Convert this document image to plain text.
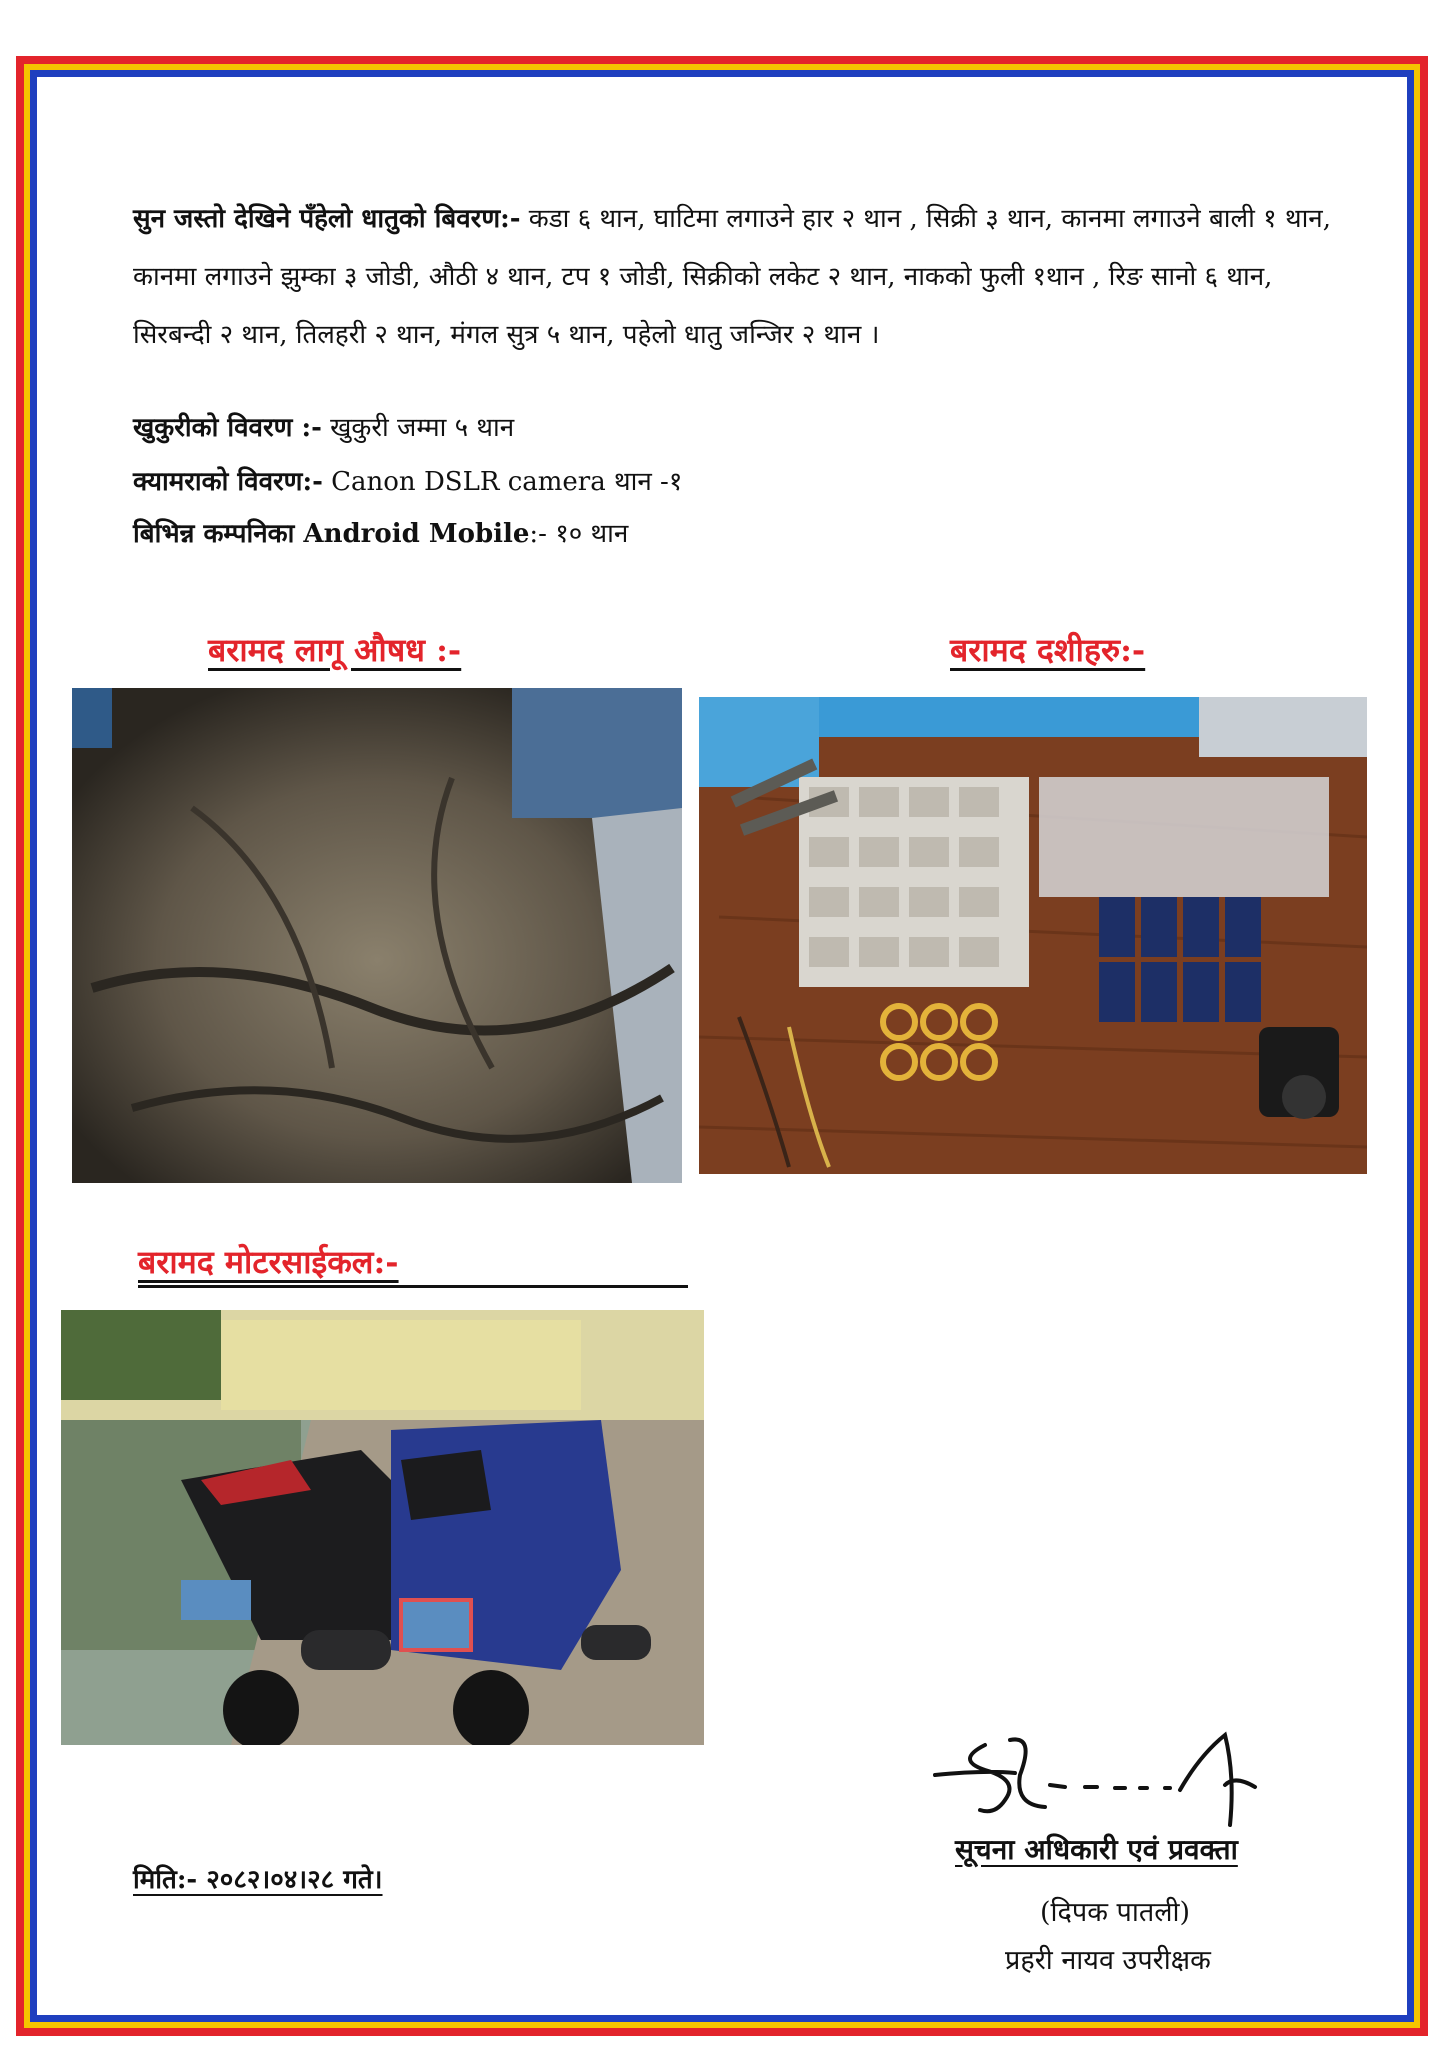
सुन जस्तो देखिने पँहेलो धातुको बिवरण:- कडा ६ थान, घाटिमा लगाउने हार २ थान , सिक्री ३ थान, कानमा लगाउने बाली १ थान, कानमा लगाउने झुम्का ३ जोडी, औठी ४ थान, टप १ जोडी, सिक्रीको लकेट २ थान, नाकको फुली १थान , रिङ सानो ६ थान, सिरबन्दी २ थान, तिलहरी २ थान, मंगल सुत्र ५ थान, पहेलो धातु जन्जिर २ थान ।
खुकुरीको विवरण :- खुकुरी जम्मा ५ थान
क्यामराको विवरण:- Canon DSLR camera थान -१
बिभिन्न कम्पनिका Android Mobile:- १० थान
बरामद लागू औषध :-	बरामद दशीहरु:-
बरामद मोटरसाईकल:-
मिति:- २०८२।०४।२८ गते।
सूचना अधिकारी एवं प्रवक्ता
(दिपक पातली)
प्रहरी नायव उपरीक्षक
